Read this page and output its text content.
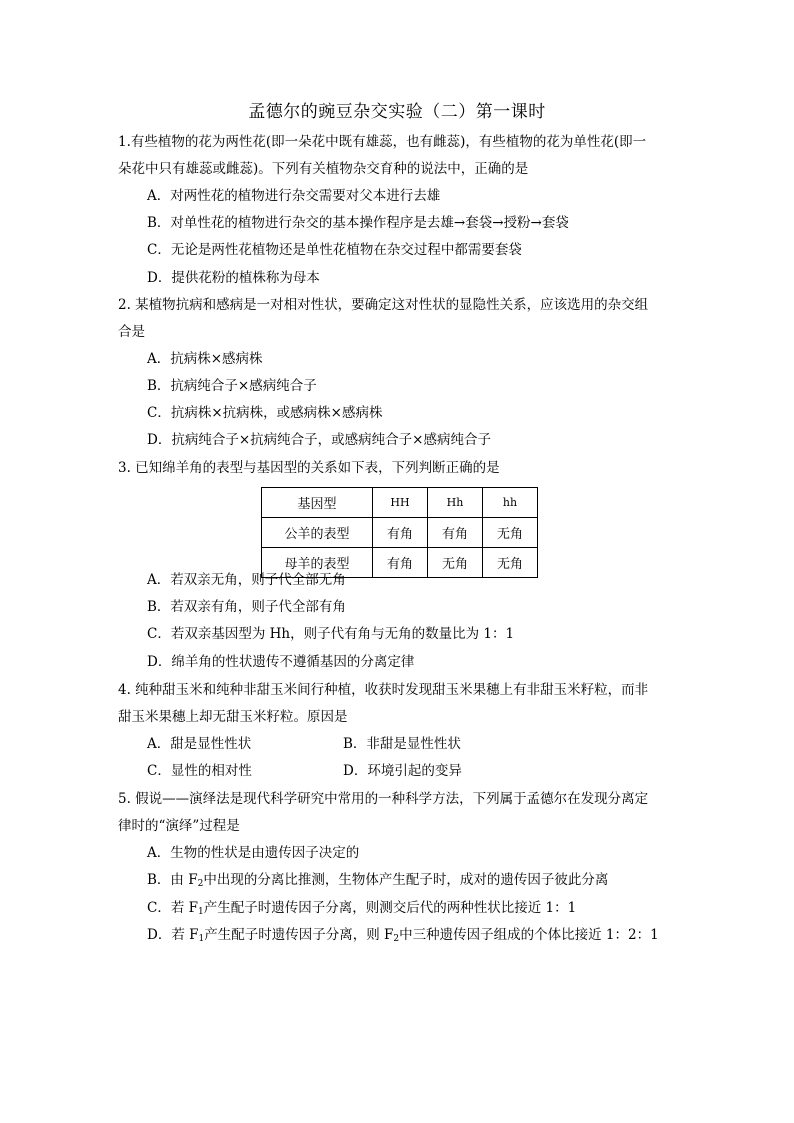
孟德尔的豌豆杂交实验（二）第一课时
1.有些植物的花为两性花(即一朵花中既有雄蕊，也有雌蕊)，有些植物的花为单性花(即一
朵花中只有雄蕊或雌蕊)。下列有关植物杂交育种的说法中，正确的是
A．对两性花的植物进行杂交需要对父本进行去雄
B．对单性花的植物进行杂交的基本操作程序是去雄→套袋→授粉→套袋
C．无论是两性花植物还是单性花植物在杂交过程中都需要套袋
D．提供花粉的植株称为母本
2. 某植物抗病和感病是一对相对性状，要确定这对性状的显隐性关系，应该选用的杂交组
合是
A．抗病株×感病株
B．抗病纯合子×感病纯合子
C．抗病株×抗病株，或感病株×感病株
D．抗病纯合子×抗病纯合子，或感病纯合子×感病纯合子
3. 已知绵羊角的表型与基因型的关系如下表，下列判断正确的是
基因型	HH	Hh	hh
公羊的表型	有角	有角	无角
母羊的表型	有角	无角	无角
A．若双亲无角，则子代全部无角
B．若双亲有角，则子代全部有角
C．若双亲基因型为 Hh，则子代有角与无角的数量比为 1：1
D．绵羊角的性状遗传不遵循基因的分离定律
4. 纯种甜玉米和纯种非甜玉米间行种植，收获时发现甜玉米果穗上有非甜玉米籽粒，而非
甜玉米果穗上却无甜玉米籽粒。原因是
A．甜是显性性状	B．非甜是显性性状
C．显性的相对性	D．环境引起的变异
5. 假说——演绎法是现代科学研究中常用的一种科学方法，下列属于孟德尔在发现分离定
律时的“演绎”过程是
A．生物的性状是由遗传因子决定的
B．由 $F_2$中出现的分离比推测，生物体产生配子时，成对的遗传因子彼此分离
C．若 $F_1$产生配子时遗传因子分离，则测交后代的两种性状比接近 1：1
D．若 $F_1$产生配子时遗传因子分离，则 $F_2$中三种遗传因子组成的个体比接近 1：2：1
